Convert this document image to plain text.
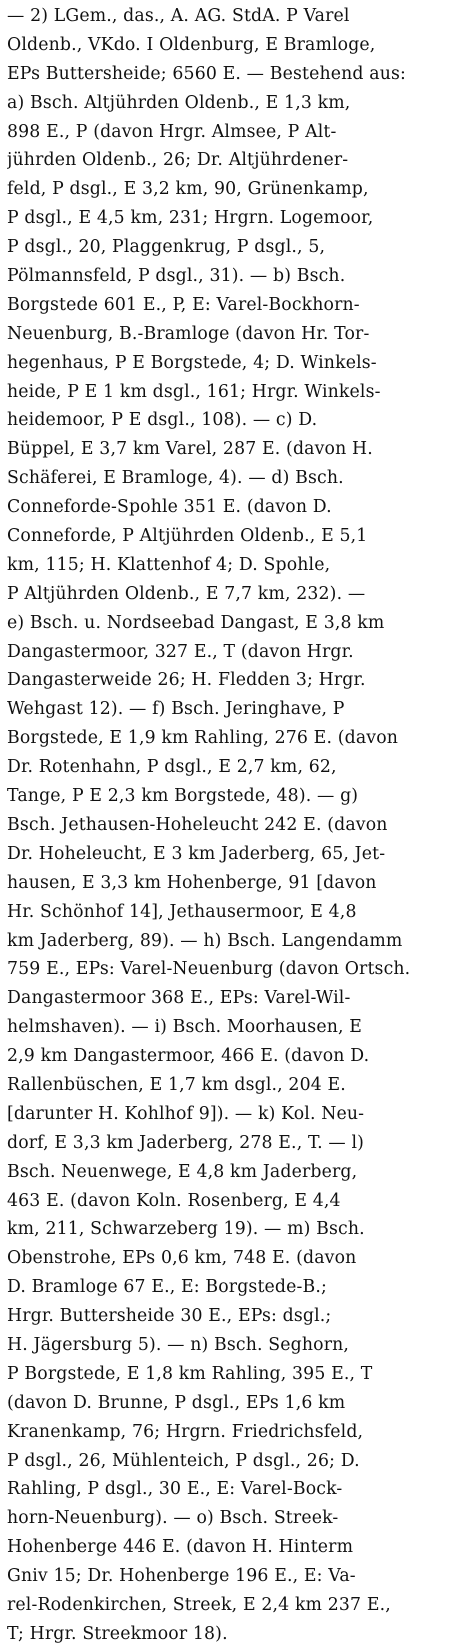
— 2) LGem., das., A. AG. StdA. P Varel
Oldenb., VKdo. I Oldenburg, E Bramloge,
EPs Buttersheide; 6560 E. — Bestehend aus:
a) Bsch. Altjührden Oldenb., E 1,3 km,
898 E., P (davon Hrgr. Almsee, P Alt-
jührden Oldenb., 26; Dr. Altjührdener-
feld, P dsgl., E 3,2 km, 90, Grünenkamp,
P dsgl., E 4,5 km, 231; Hrgrn. Logemoor,
P dsgl., 20, Plaggenkrug, P dsgl., 5,
Pölmannsfeld, P dsgl., 31). — b) Bsch.
Borgstede 601 E., P, E: Varel-Bockhorn-
Neuenburg, B.-Bramloge (davon Hr. Tor-
hegenhaus, P E Borgstede, 4; D. Winkels-
heide, P E 1 km dsgl., 161; Hrgr. Winkels-
heidemoor, P E dsgl., 108). — c) D.
Büppel, E 3,7 km Varel, 287 E. (davon H.
Schäferei, E Bramloge, 4). — d) Bsch.
Conneforde-Spohle 351 E. (davon D.
Conneforde, P Altjührden Oldenb., E 5,1
km, 115; H. Klattenhof 4; D. Spohle,
P Altjührden Oldenb., E 7,7 km, 232). —
e) Bsch. u. Nordseebad Dangast, E 3,8 km
Dangastermoor, 327 E., T (davon Hrgr.
Dangasterweide 26; H. Fledden 3; Hrgr.
Wehgast 12). — f) Bsch. Jeringhave, P
Borgstede, E 1,9 km Rahling, 276 E. (davon
Dr. Rotenhahn, P dsgl., E 2,7 km, 62,
Tange, P E 2,3 km Borgstede, 48). — g)
Bsch. Jethausen-Hoheleucht 242 E. (davon
Dr. Hoheleucht, E 3 km Jaderberg, 65, Jet-
hausen, E 3,3 km Hohenberge, 91 [davon
Hr. Schönhof 14], Jethausermoor, E 4,8
km Jaderberg, 89). — h) Bsch. Langendamm
759 E., EPs: Varel-Neuenburg (davon Ortsch.
Dangastermoor 368 E., EPs: Varel-Wil-
helmshaven). — i) Bsch. Moorhausen, E
2,9 km Dangastermoor, 466 E. (davon D.
Rallenbüschen, E 1,7 km dsgl., 204 E.
[darunter H. Kohlhof 9]). — k) Kol. Neu-
dorf, E 3,3 km Jaderberg, 278 E., T. — l)
Bsch. Neuenwege, E 4,8 km Jaderberg,
463 E. (davon Koln. Rosenberg, E 4,4
km, 211, Schwarzeberg 19). — m) Bsch.
Obenstrohe, EPs 0,6 km, 748 E. (davon
D. Bramloge 67 E., E: Borgstede-B.;
Hrgr. Buttersheide 30 E., EPs: dsgl.;
H. Jägersburg 5). — n) Bsch. Seghorn,
P Borgstede, E 1,8 km Rahling, 395 E., T
(davon D. Brunne, P dsgl., EPs 1,6 km
Kranenkamp, 76; Hrgrn. Friedrichsfeld,
P dsgl., 26, Mühlenteich, P dsgl., 26; D.
Rahling, P dsgl., 30 E., E: Varel-Bock-
horn-Neuenburg). — o) Bsch. Streek-
Hohenberge 446 E. (davon H. Hinterm
Gniv 15; Dr. Hohenberge 196 E., E: Va-
rel-Rodenkirchen, Streek, E 2,4 km 237 E.,
T; Hrgr. Streekmoor 18).
